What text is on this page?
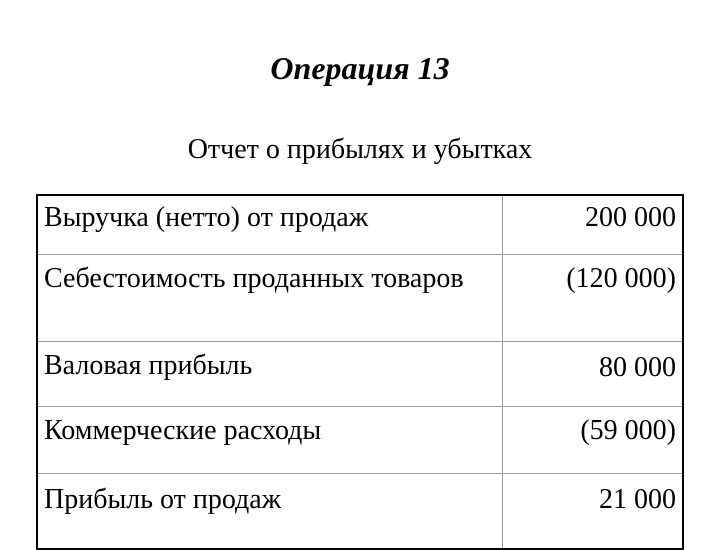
Операция 13
Отчет о прибылях и убытках
Выручка (нетто) от продаж	200 000
Себестоимость проданных товаров	(120 000)
Валовая прибыль	80 000
Коммерческие расходы	(59 000)
Прибыль от продаж	21 000
